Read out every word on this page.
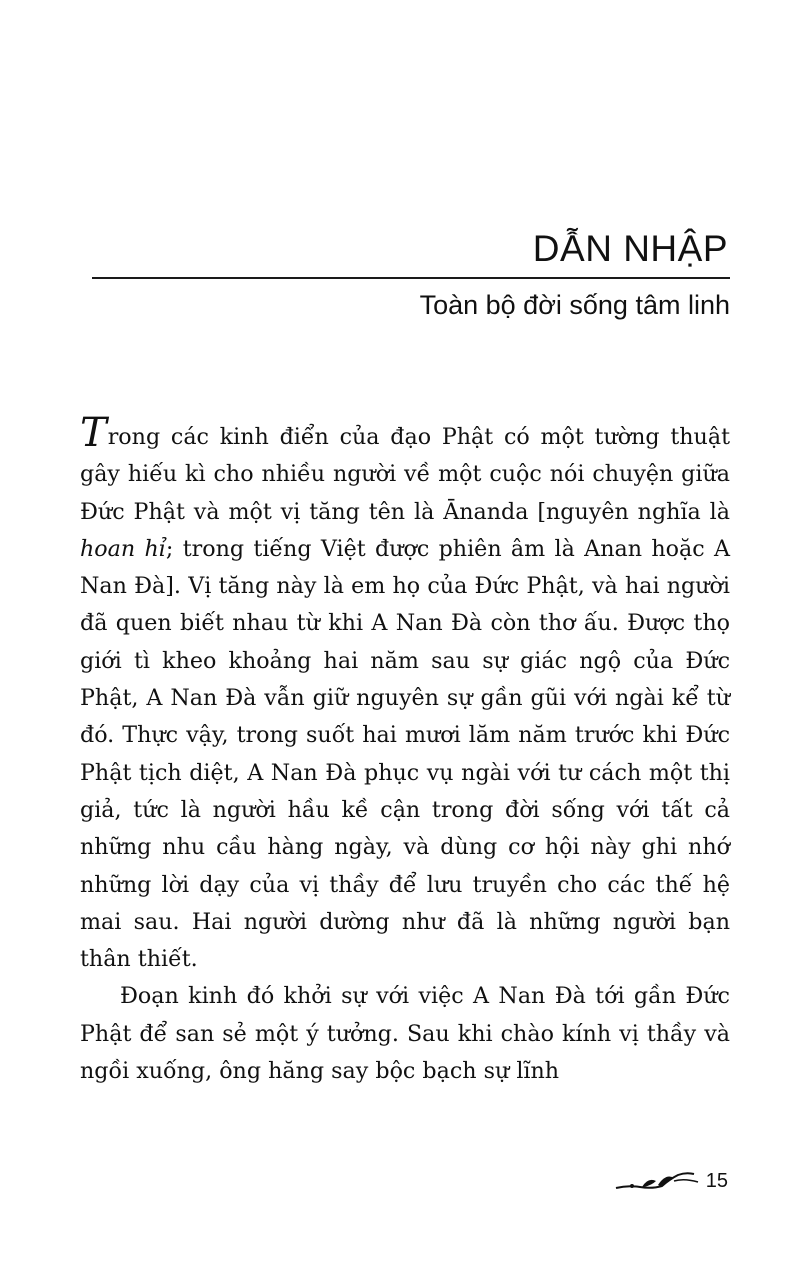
DẪN NHẬP
Toàn bộ đời sống tâm linh

Trong các kinh điển của đạo Phật có một tường thuật gây hiếu kì cho nhiều người về một cuộc nói chuyện giữa Đức Phật và một vị tăng tên là Ānanda [nguyên nghĩa là hoan hỉ; trong tiếng Việt được phiên âm là Anan hoặc A Nan Đà]. Vị tăng này là em họ của Đức Phật, và hai người đã quen biết nhau từ khi A Nan Đà còn thơ ấu. Được thọ giới tì kheo khoảng hai năm sau sự giác ngộ của Đức Phật, A Nan Đà vẫn giữ nguyên sự gần gũi với ngài kể từ đó. Thực vậy, trong suốt hai mươi lăm năm trước khi Đức Phật tịch diệt, A Nan Đà phục vụ ngài với tư cách một thị giả, tức là người hầu kề cận trong đời sống với tất cả những nhu cầu hàng ngày, và dùng cơ hội này ghi nhớ những lời dạy của vị thầy để lưu truyền cho các thế hệ mai sau. Hai người dường như đã là những người bạn thân thiết.

Đoạn kinh đó khởi sự với việc A Nan Đà tới gần Đức Phật để san sẻ một ý tưởng. Sau khi chào kính vị thầy và ngồi xuống, ông hăng say bộc bạch sự lĩnh

15
